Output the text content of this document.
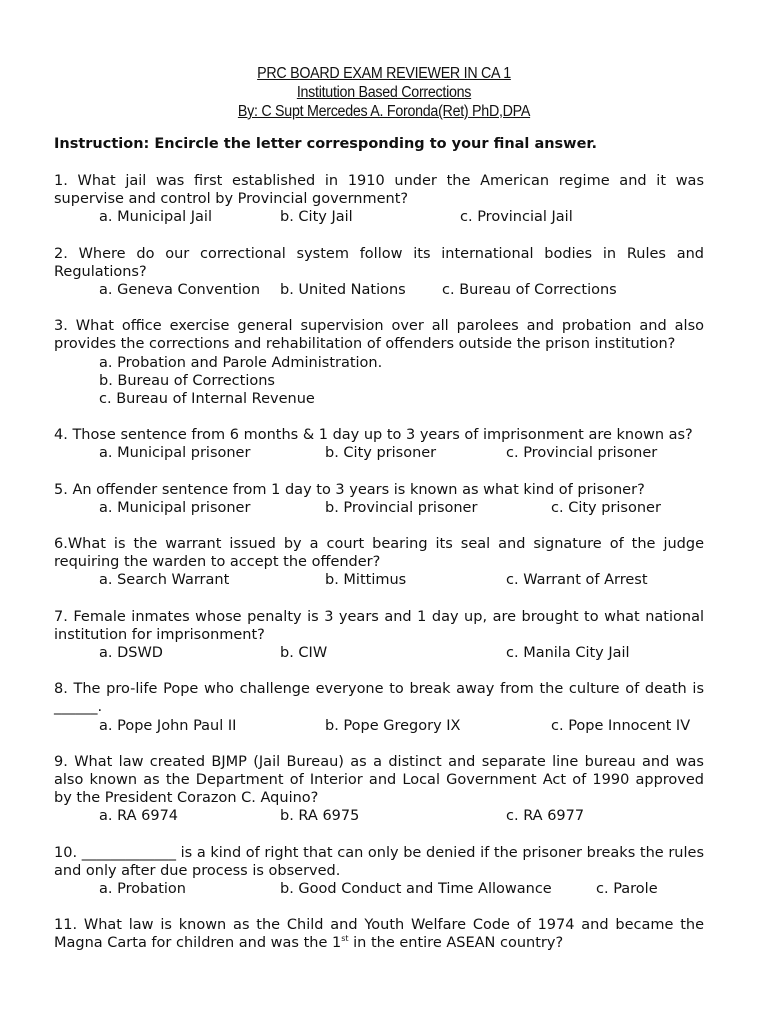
PRC BOARD EXAM REVIEWER IN CA 1
Institution Based Corrections
By: C Supt Mercedes A. Foronda(Ret) PhD,DPA
Instruction: Encircle the letter corresponding to your final answer.
1. What jail was first established in 1910 under the American regime and it was supervise and control by Provincial government?
a. Municipal Jail	b. City Jail	c. Provincial Jail
2. Where do our correctional system follow its international bodies in Rules and Regulations?
a. Geneva Convention b. United Nations	c. Bureau of Corrections
3. What office exercise general supervision over all parolees and probation and also provides the corrections and rehabilitation of offenders outside the prison institution?
a. Probation and Parole Administration.
b. Bureau of Corrections
c. Bureau of Internal Revenue
4. Those sentence from 6 months & 1 day up to 3 years of imprisonment are known as?
a. Municipal prisoner	b. City prisoner	c. Provincial prisoner
5. An offender sentence from 1 day to 3 years is known as what kind of prisoner?
a. Municipal prisoner	b. Provincial prisoner	c. City prisoner
6.What is the warrant issued by a court bearing its seal and signature of the judge requiring the warden to accept the offender?
a. Search Warrant	b. Mittimus	c. Warrant of Arrest
7. Female inmates whose penalty is 3 years and 1 day up, are brought to what national institution for imprisonment?
a. DSWD	b. CIW	c. Manila City Jail
8. The pro-life Pope who challenge everyone to break away from the culture of death is ______.
a. Pope John Paul II	b. Pope Gregory IX	c. Pope Innocent IV
9. What law created BJMP (Jail Bureau) as a distinct and separate line bureau and was also known as the Department of Interior and Local Government Act of 1990 approved by the President Corazon C. Aquino?
a. RA 6974	b. RA 6975	c. RA 6977
10. _____________ is a kind of right that can only be denied if the prisoner breaks the rules and only after due process is observed.
a. Probation	b. Good Conduct and Time Allowance	c. Parole
11. What law is known as the Child and Youth Welfare Code of 1974 and became the Magna Carta for children and was the 1st in the entire ASEAN country?
